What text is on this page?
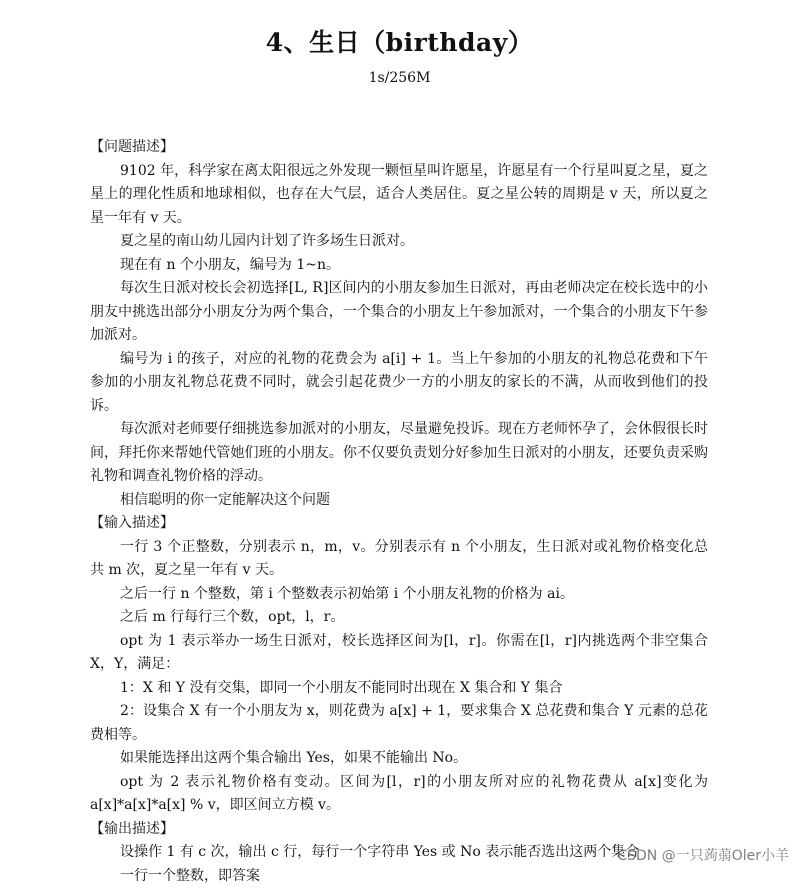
4、生日（birthday）
1s/256M

【问题描述】

9102 年，科学家在离太阳很远之外发现一颗恒星叫许愿星，许愿星有一个行星叫夏之星，夏之星上的理化性质和地球相似，也存在大气层，适合人类居住。夏之星公转的周期是 v 天，所以夏之星一年有 v 天。

夏之星的南山幼儿园内计划了许多场生日派对。

现在有 n 个小朋友，编号为 1~n。

每次生日派对校长会初选择[L, R]区间内的小朋友参加生日派对，再由老师决定在校长选中的小朋友中挑选出部分小朋友分为两个集合，一个集合的小朋友上午参加派对，一个集合的小朋友下午参加派对。

编号为 i 的孩子，对应的礼物的花费会为 a[i] + 1。当上午参加的小朋友的礼物总花费和下午参加的小朋友礼物总花费不同时，就会引起花费少一方的小朋友的家长的不满，从而收到他们的投诉。

每次派对老师要仔细挑选参加派对的小朋友，尽量避免投诉。现在方老师怀孕了，会休假很长时间，拜托你来帮她代管她们班的小朋友。你不仅要负责划分好参加生日派对的小朋友，还要负责采购礼物和调查礼物价格的浮动。

相信聪明的你一定能解决这个问题

【输入描述】

一行 3 个正整数，分别表示 n，m，v。分别表示有 n 个小朋友，生日派对或礼物价格变化总共 m 次，夏之星一年有 v 天。

之后一行 n 个整数，第 i 个整数表示初始第 i 个小朋友礼物的价格为 ai。

之后 m 行每行三个数，opt，l，r。

opt 为 1 表示举办一场生日派对，校长选择区间为[l，r]。你需在[l，r]内挑选两个非空集合 X，Y，满足：

1：X 和 Y 没有交集，即同一个小朋友不能同时出现在 X 集合和 Y 集合

2：设集合 X 有一个小朋友为 x，则花费为 a[x] + 1，要求集合 X 总花费和集合 Y 元素的总花费相等。

如果能选择出这两个集合输出 Yes，如果不能输出 No。

opt 为 2 表示礼物价格有变动。区间为[l，r]的小朋友所对应的礼物花费从 a[x]变化为 a[x]*a[x]*a[x] % v，即区间立方模 v。

【输出描述】

设操作 1 有 c 次，输出 c 行，每行一个字符串 Yes 或 No 表示能否选出这两个集合

一行一个整数，即答案

CSDN @一只蒟蒻Oler小羊
